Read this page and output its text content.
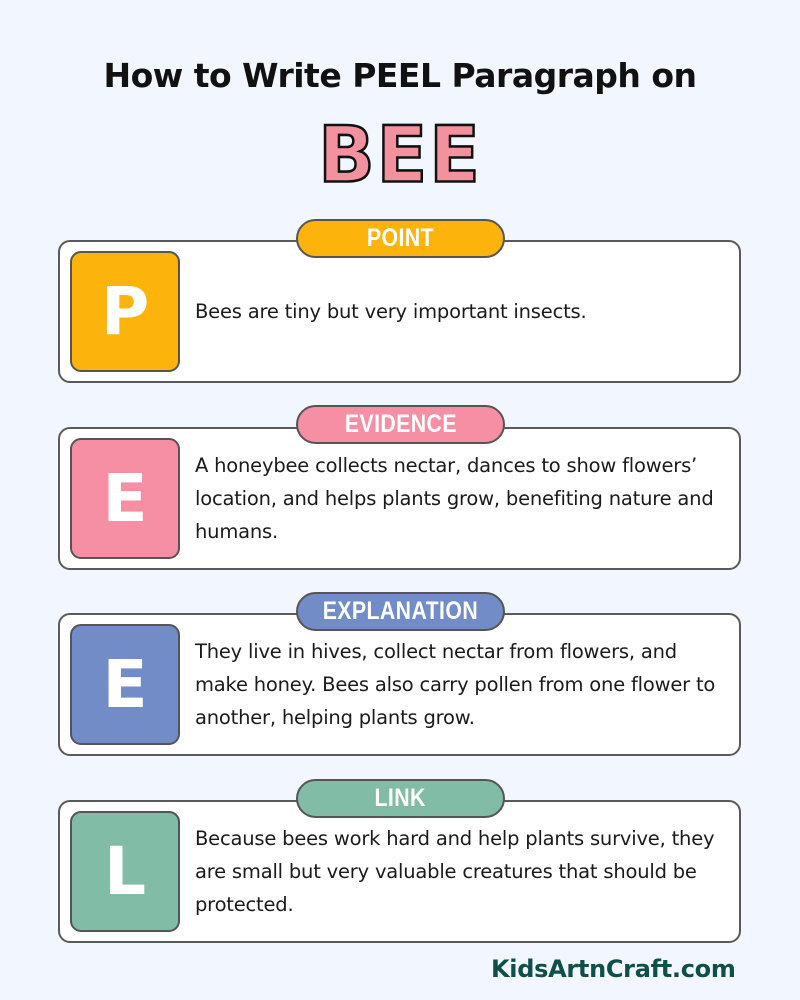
How to Write PEEL Paragraph on
BEE
POINT
P Bees are tiny but very important insects.
EVIDENCE
E A honeybee collects nectar, dances to show flowers’ location, and helps plants grow, benefiting nature and humans.
EXPLANATION
E They live in hives, collect nectar from flowers, and make honey. Bees also carry pollen from one flower to another, helping plants grow.
LINK
L	Because bees work hard and help plants survive, they are small but very valuable creatures that should be protected.
KidsArtnCraft.com
